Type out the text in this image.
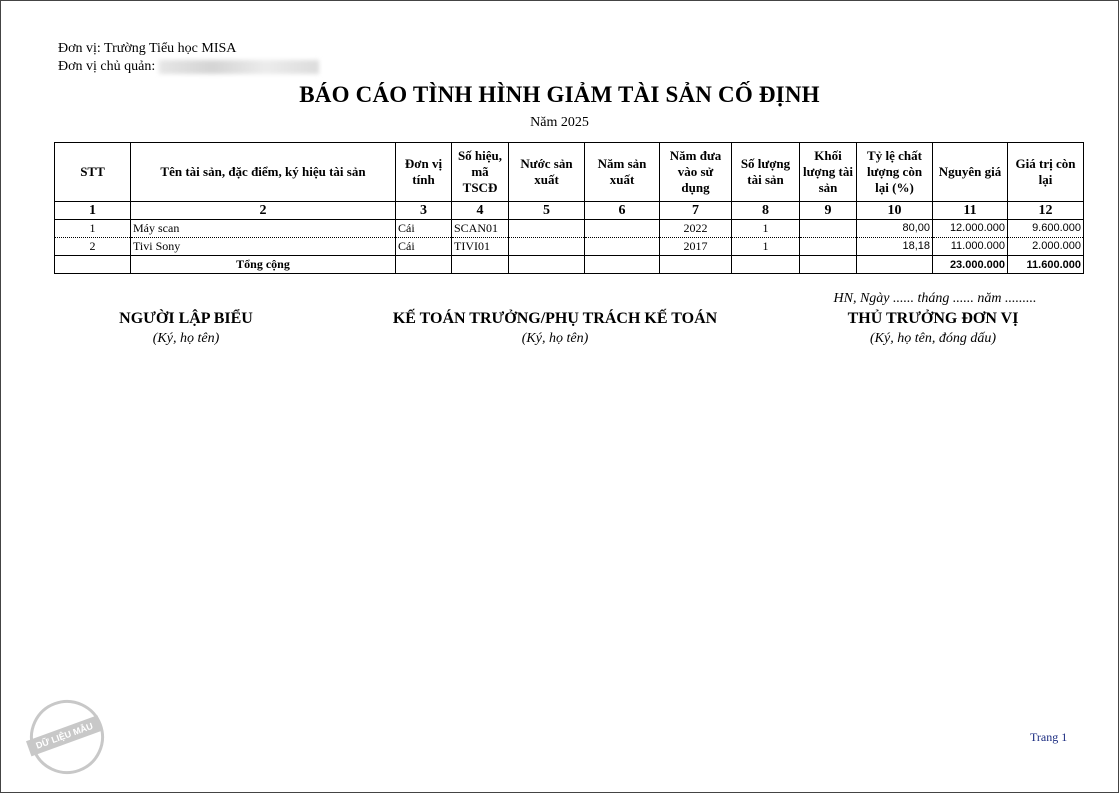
Đơn vị: Trường Tiểu học MISA
Đơn vị chủ quản:
BÁO CÁO TÌNH HÌNH GIẢM TÀI SẢN CỐ ĐỊNH
Năm 2025
STT	Tên tài sản, đặc điểm, ký hiệu tài sản	Đơn vị tính	Số hiệu, mã TSCĐ	Nước sản xuất	Năm sản xuất	Năm đưa vào sử dụng	Số lượng tài sản	Khối lượng tài sản	Tỷ lệ chất lượng còn lại (%)	Nguyên giá	Giá trị còn lại
1	2	3	4	5	6	7	8	9	10	11	12
1	Máy scan	Cái	SCAN01			2022	1		80,00	12.000.000	9.600.000
2	Tivi Sony	Cái	TIVI01			2017	1		18,18	11.000.000	2.000.000
	Tổng cộng									23.000.000	11.600.000
HN, Ngày ...... tháng ...... năm .........
NGƯỜI LẬP BIỂU
(Ký, họ tên)
KẾ TOÁN TRƯỞNG/PHỤ TRÁCH KẾ TOÁN
(Ký, họ tên)
THỦ TRƯỞNG ĐƠN VỊ
(Ký, họ tên, đóng dấu)
DỮ LIỆU MẪU	Trang 1
